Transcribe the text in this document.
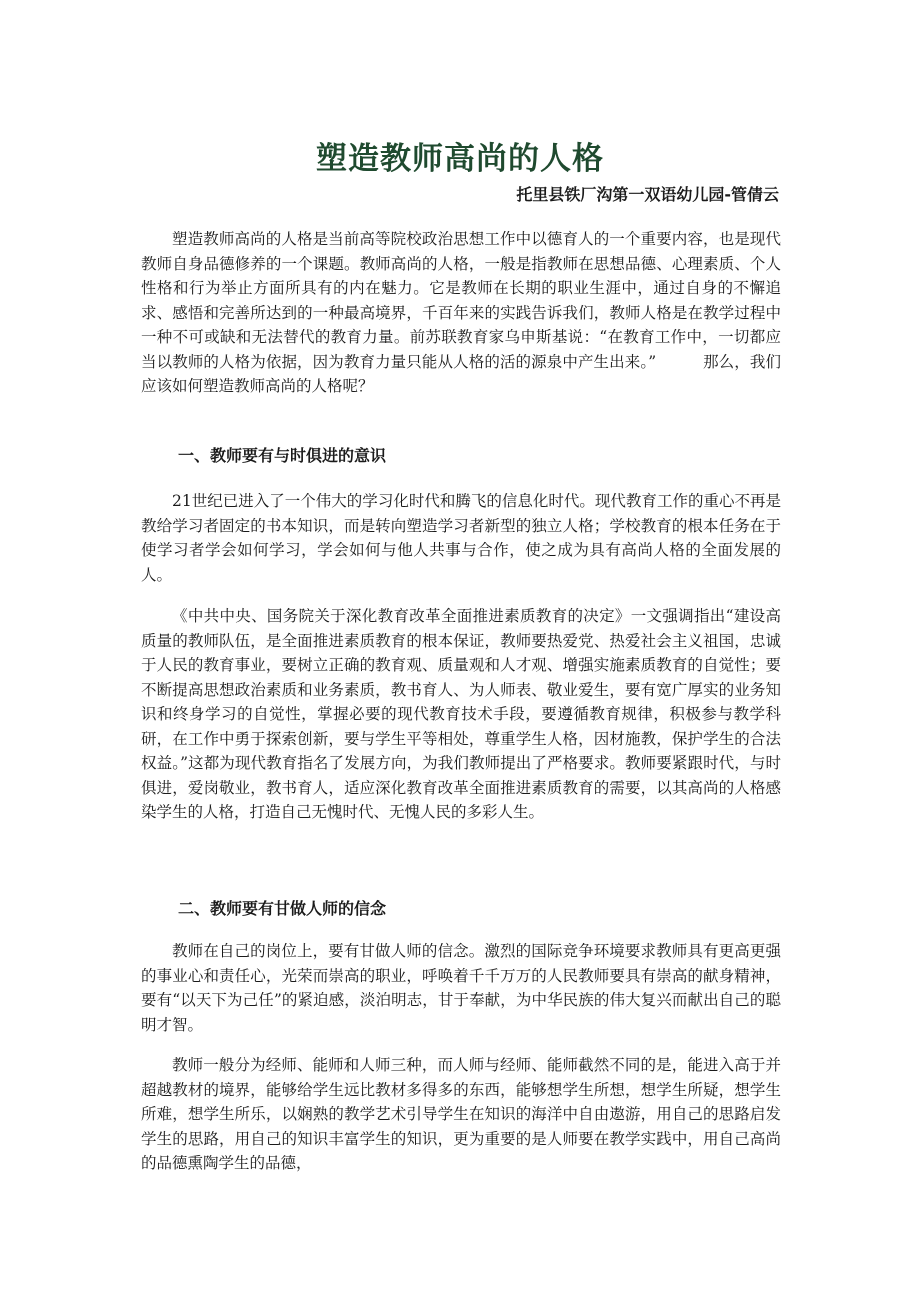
塑造教师高尚的人格
托里县铁厂沟第一双语幼儿园-管倩云

塑造教师高尚的人格是当前高等院校政治思想工作中以德育人的一个重要内容，也是现代教师自身品德修养的一个课题。教师高尚的人格，一般是指教师在思想品德、心理素质、个人性格和行为举止方面所具有的内在魅力。它是教师在长期的职业生涯中，通过自身的不懈追求、感悟和完善所达到的一种最高境界，千百年来的实践告诉我们，教师人格是在教学过程中一种不可或缺和无法替代的教育力量。前苏联教育家乌申斯基说：“在教育工作中，一切都应当以教师的人格为依据，因为教育力量只能从人格的活的源泉中产生出来。”　　　那么，我们应该如何塑造教师高尚的人格呢？

一、教师要有与时俱进的意识

21世纪已进入了一个伟大的学习化时代和腾飞的信息化时代。现代教育工作的重心不再是教给学习者固定的书本知识，而是转向塑造学习者新型的独立人格；学校教育的根本任务在于使学习者学会如何学习，学会如何与他人共事与合作，使之成为具有高尚人格的全面发展的人。

《中共中央、国务院关于深化教育改革全面推进素质教育的决定》一文强调指出“建设高质量的教师队伍，是全面推进素质教育的根本保证，教师要热爱党、热爱社会主义祖国，忠诚于人民的教育事业，要树立正确的教育观、质量观和人才观、增强实施素质教育的自觉性；要不断提高思想政治素质和业务素质，教书育人、为人师表、敬业爱生，要有宽广厚实的业务知识和终身学习的自觉性，掌握必要的现代教育技术手段，要遵循教育规律，积极参与教学科研，在工作中勇于探索创新，要与学生平等相处，尊重学生人格，因材施教，保护学生的合法权益。”这都为现代教育指名了发展方向，为我们教师提出了严格要求。教师要紧跟时代，与时俱进，爱岗敬业，教书育人，适应深化教育改革全面推进素质教育的需要，以其高尚的人格感染学生的人格，打造自己无愧时代、无愧人民的多彩人生。

二、教师要有甘做人师的信念

教师在自己的岗位上，要有甘做人师的信念。激烈的国际竞争环境要求教师具有更高更强的事业心和责任心，光荣而崇高的职业，呼唤着千千万万的人民教师要具有崇高的献身精神，要有“以天下为己任”的紧迫感，淡泊明志，甘于奉献，为中华民族的伟大复兴而献出自己的聪明才智。

教师一般分为经师、能师和人师三种，而人师与经师、能师截然不同的是，能进入高于并超越教材的境界，能够给学生远比教材多得多的东西，能够想学生所想，想学生所疑，想学生所难，想学生所乐，以娴熟的教学艺术引导学生在知识的海洋中自由遨游，用自己的思路启发学生的思路，用自己的知识丰富学生的知识，更为重要的是人师要在教学实践中，用自己高尚的品德熏陶学生的品德，
